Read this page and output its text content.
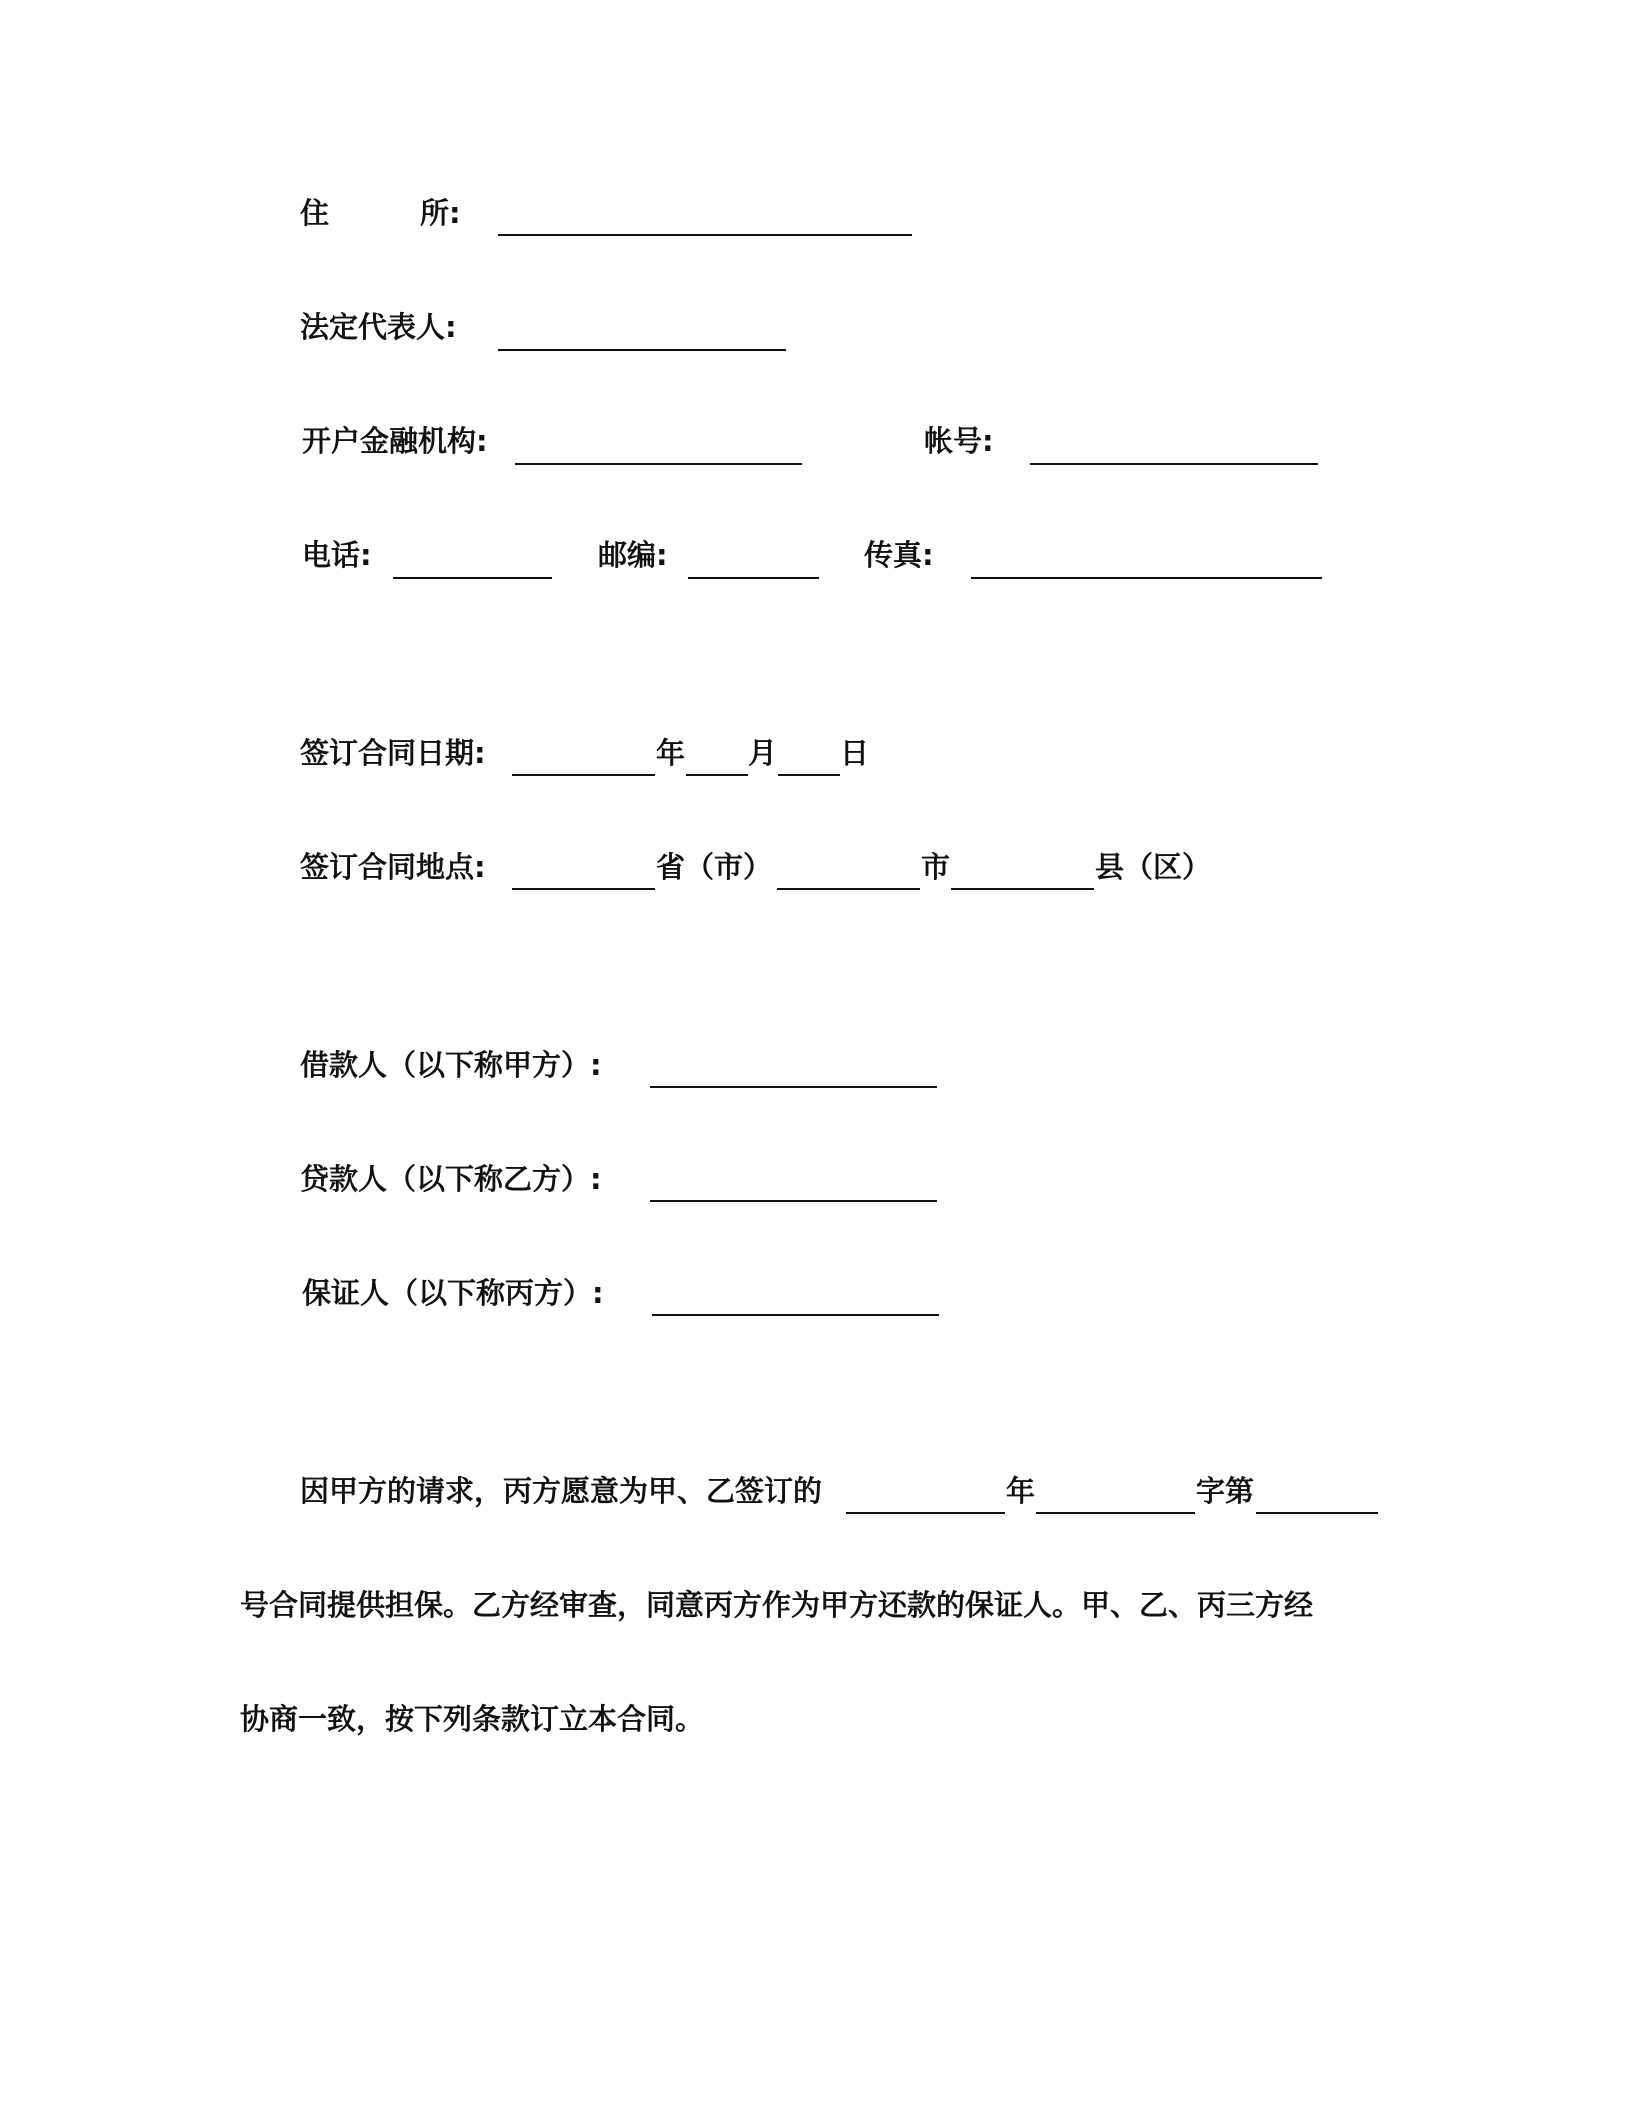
住	所:
法定代表人:
开户金融机构:	帐号:
电话:	邮编:	传真:
签订合同日期:	年 月 日
签订合同地点:	省（市）	市	县（区）
借款人（以下称甲方）:
贷款人（以下称乙方）:
保证人（以下称丙方）:
因甲方的请求，丙方愿意为甲、乙签订的	年	字第
号合同提供担保。乙方经审查，同意丙方作为甲方还款的保证人。甲、乙、丙三方经
协商一致，按下列条款订立本合同。
